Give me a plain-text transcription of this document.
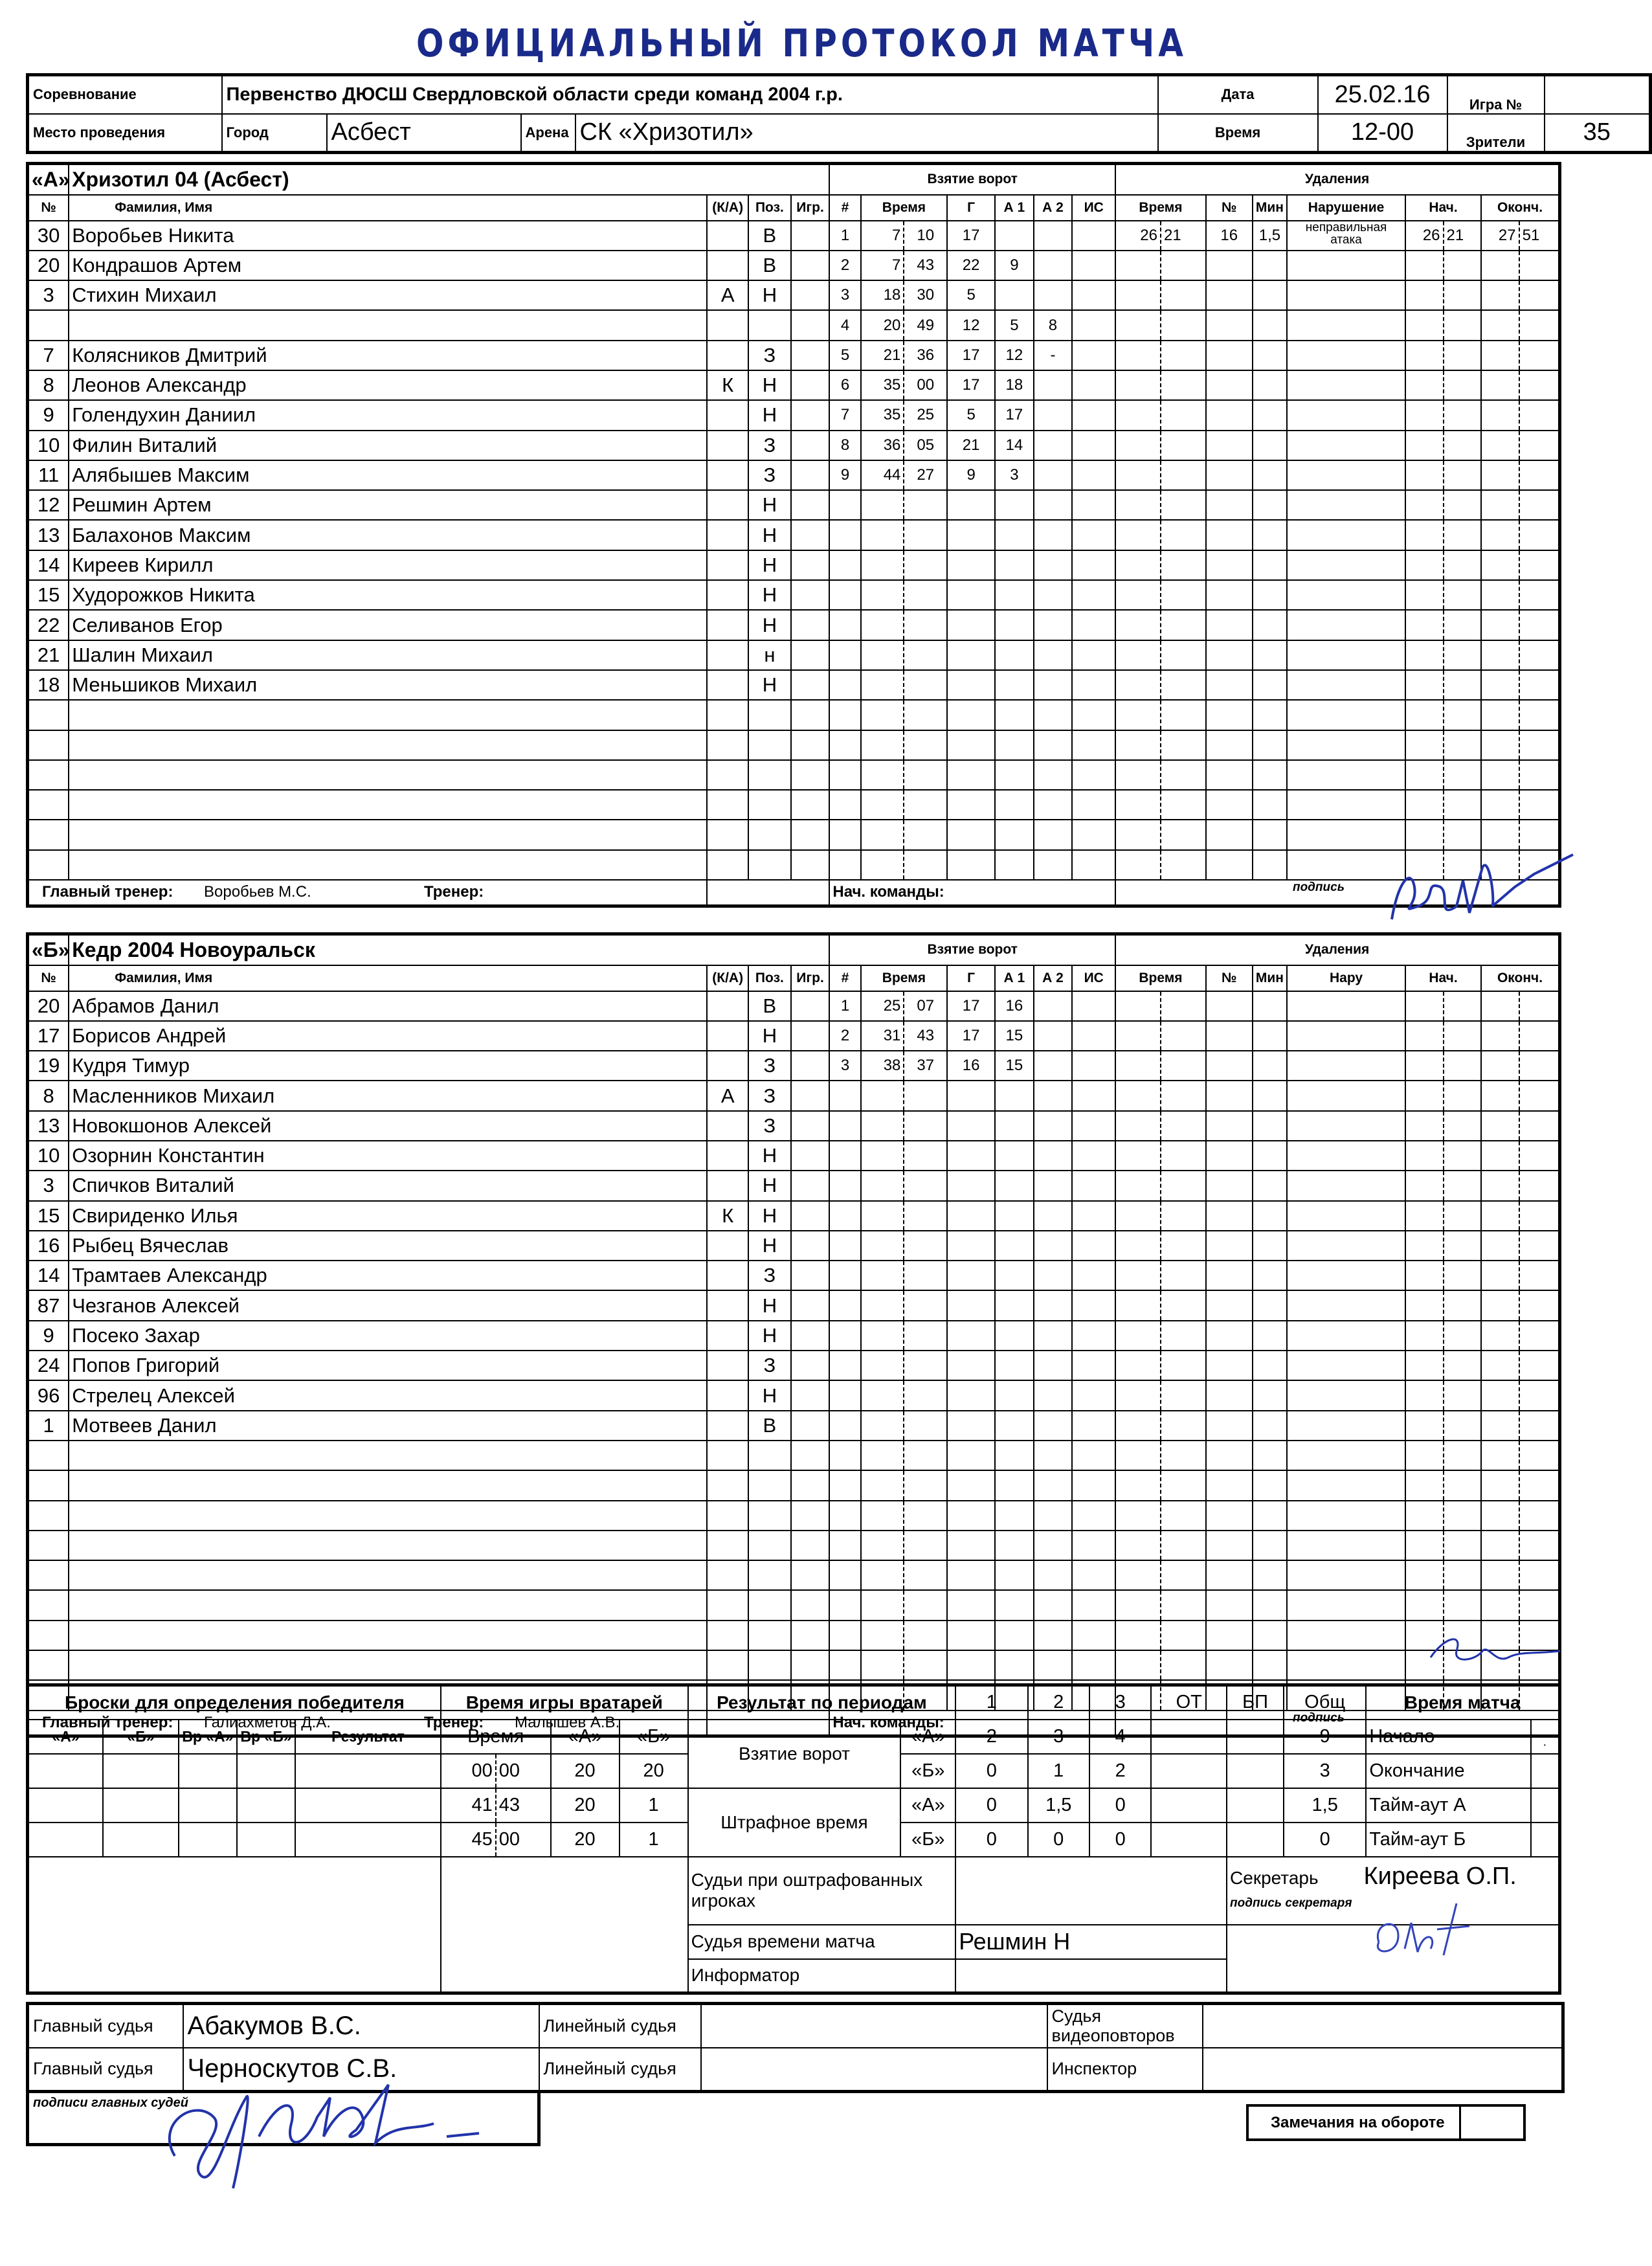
ОФИЦИАЛЬНЫЙ ПРОТОКОЛ МАТЧА
Соревнование	Первенство ДЮСШ Свердловской области среди команд 2004 г.р.				Дата	25.02.16	Игра №	
Место проведения	Город	Асбест	Арена	СК «Хризотил»	Время	12-00	Зрители	35
«А»	Хризотил 04 (Асбест)				Взятие ворот							Удаления								
№	Фамилия, Имя	(К/А)	Поз.	Игр.	#	Время		Г	А 1	А 2	ИС	Время		№	Мин	Нарушение	Нач.		Оконч.	
30	Воробьев Никита		В		1	7	10	17				26	21	16	1,5	неправильная атака	26	21	27	51
20	Кондрашов Артем		В		2	7	43	22	9											
3	Стихин Михаил	А	Н		3	18	30	5												
					4	20	49	12	5	8										
7	Колясников Дмитрий		З		5	21	36	17	12	-										
8	Леонов Александр	К	Н		6	35	00	17	18											
9	Голендухин Даниил		Н		7	35	25	5	17											
10	Филин Виталий		З		8	36	05	21	14											
11	Алябышев Максим		З		9	44	27	9	3											
12	Решмин Артем		Н																	
13	Балахонов Максим		Н																	
14	Киреев Кирилл		Н																	
15	Худорожков Никита		Н																	
22	Селиванов Егор		Н																	
21	Шалин Михаил		н																	
18	Меньшиков Михаил		Н																	

Главный тренер: Воробьев М.С. Тренер:					Нач. команды:							подпись								
«Б»	Кедр 2004 Новоуральск				Взятие ворот							Удаления								
№	Фамилия, Имя	(К/А)	Поз.	Игр.	#	Время		Г	А 1	А 2	ИС	Время		№	Мин	Нару	Нач.		Оконч.	
20	Абрамов Данил		В		1	25	07	17	16											
17	Борисов Андрей		Н		2	31	43	17	15											
19	Кудря Тимур		З		3	38	37	16	15											
8	Масленников Михаил	А	З																	
13	Новокшонов Алексей		З																	
10	Озорнин Константин		Н																	
3	Спичков Виталий		Н																	
15	Свириденко Илья	К	Н																	
16	Рыбец Вячеслав		Н																	
14	Трамтаев Александр		З																	
87	Чезганов Алексей		Н																	
9	Посеко Захар		Н																	
24	Попов Григорий		З																	
96	Стрелец Алексей		Н																	
1	Мотвеев Данил		В																	

Главный тренер: Галиахметов Д.А. Тренер: Малышев А.В.					Нач. команды:							подпись								
Броски для определения победителя					Время игры вратарей				Результат по периодам		1	2	3	ОТ	БП	Общ	Время матча	
«А»	«Б»	Вр «А»	Вр «Б»	Результат	Время		«А»	«Б»	Взятие ворот	«А»	2	3	4			9	Начало	
					00	00	20	20		«Б»	0	1	2			3	Окончание	
					41	43	20	1	Штрафное время	«А»	0	1,5	0			1,5	Тайм-аут А	
					45	00	20	1		«Б»	0	0	0			0	Тайм-аут Б	
									Судьи при оштрафованных игроках						Секретарь Киреева О.П.
подпись секретаря			
									Судья времени матча		Решмин Н							
									Информатор									
Главный судья	Абакумов В.С.	Линейный судья		Судья видеоповторов	
Главный судья	Черноскутов С.В.	Линейный судья		Инспектор	
подписи главных судей
Замечания на обороте
